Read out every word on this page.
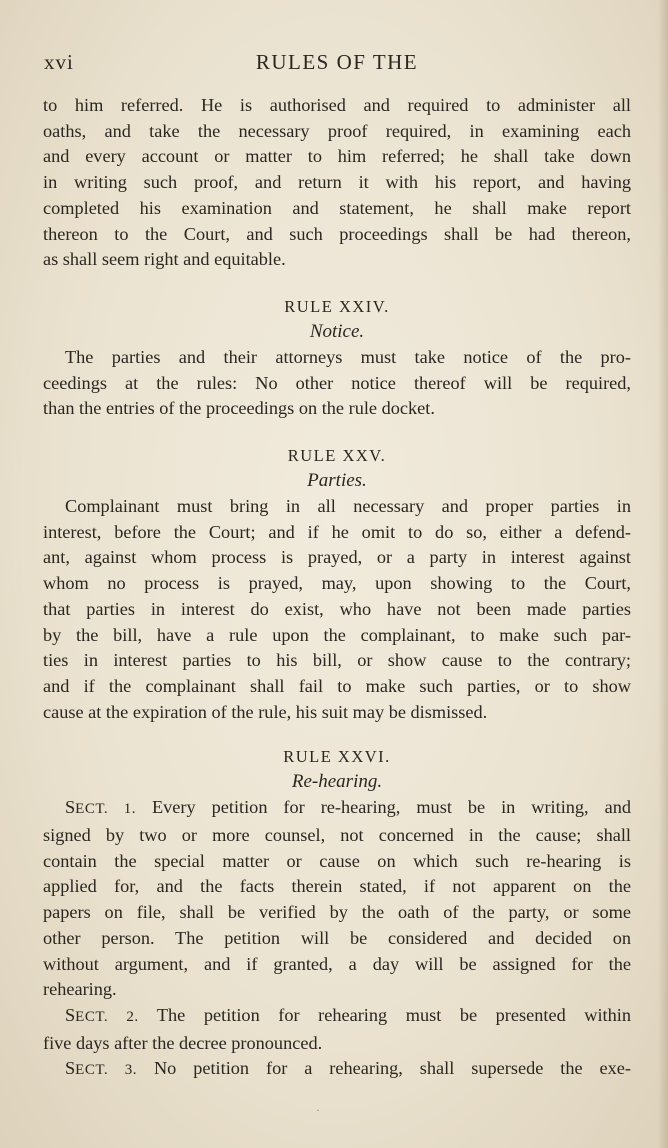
xvi	RULES OF THE

to him referred. He is authorised and required to administer all

oaths, and take the necessary proof required, in examining each

and every account or matter to him referred; he shall take down

in writing such proof, and return it with his report, and having

completed his examination and statement, he shall make report

thereon to the Court, and such proceedings shall be had thereon,

as shall seem right and equitable.

RULE XXIV.
Notice.

The parties and their attorneys must take notice of the pro-

ceedings at the rules: No other notice thereof will be required,

than the entries of the proceedings on the rule docket.

RULE XXV.
Parties.

Complainant must bring in all necessary and proper parties in

interest, before the Court; and if he omit to do so, either a defend-

ant, against whom process is prayed, or a party in interest against

whom no process is prayed, may, upon showing to the Court,

that parties in interest do exist, who have not been made parties

by the bill, have a rule upon the complainant, to make such par-

ties in interest parties to his bill, or show cause to the contrary;

and if the complainant shall fail to make such parties, or to show

cause at the expiration of the rule, his suit may be dismissed.

RULE XXVI.
Re-hearing.

SECT. 1. Every petition for re-hearing, must be in writing, and

signed by two or more counsel, not concerned in the cause; shall

contain the special matter or cause on which such re-hearing is

applied for, and the facts therein stated, if not apparent on the

papers on file, shall be verified by the oath of the party, or some

other person. The petition will be considered and decided on

without argument, and if granted, a day will be assigned for the

rehearing.

SECT. 2. The petition for rehearing must be presented within

five days after the decree pronounced.

SECT. 3. No petition for a rehearing, shall supersede the exe-

·
